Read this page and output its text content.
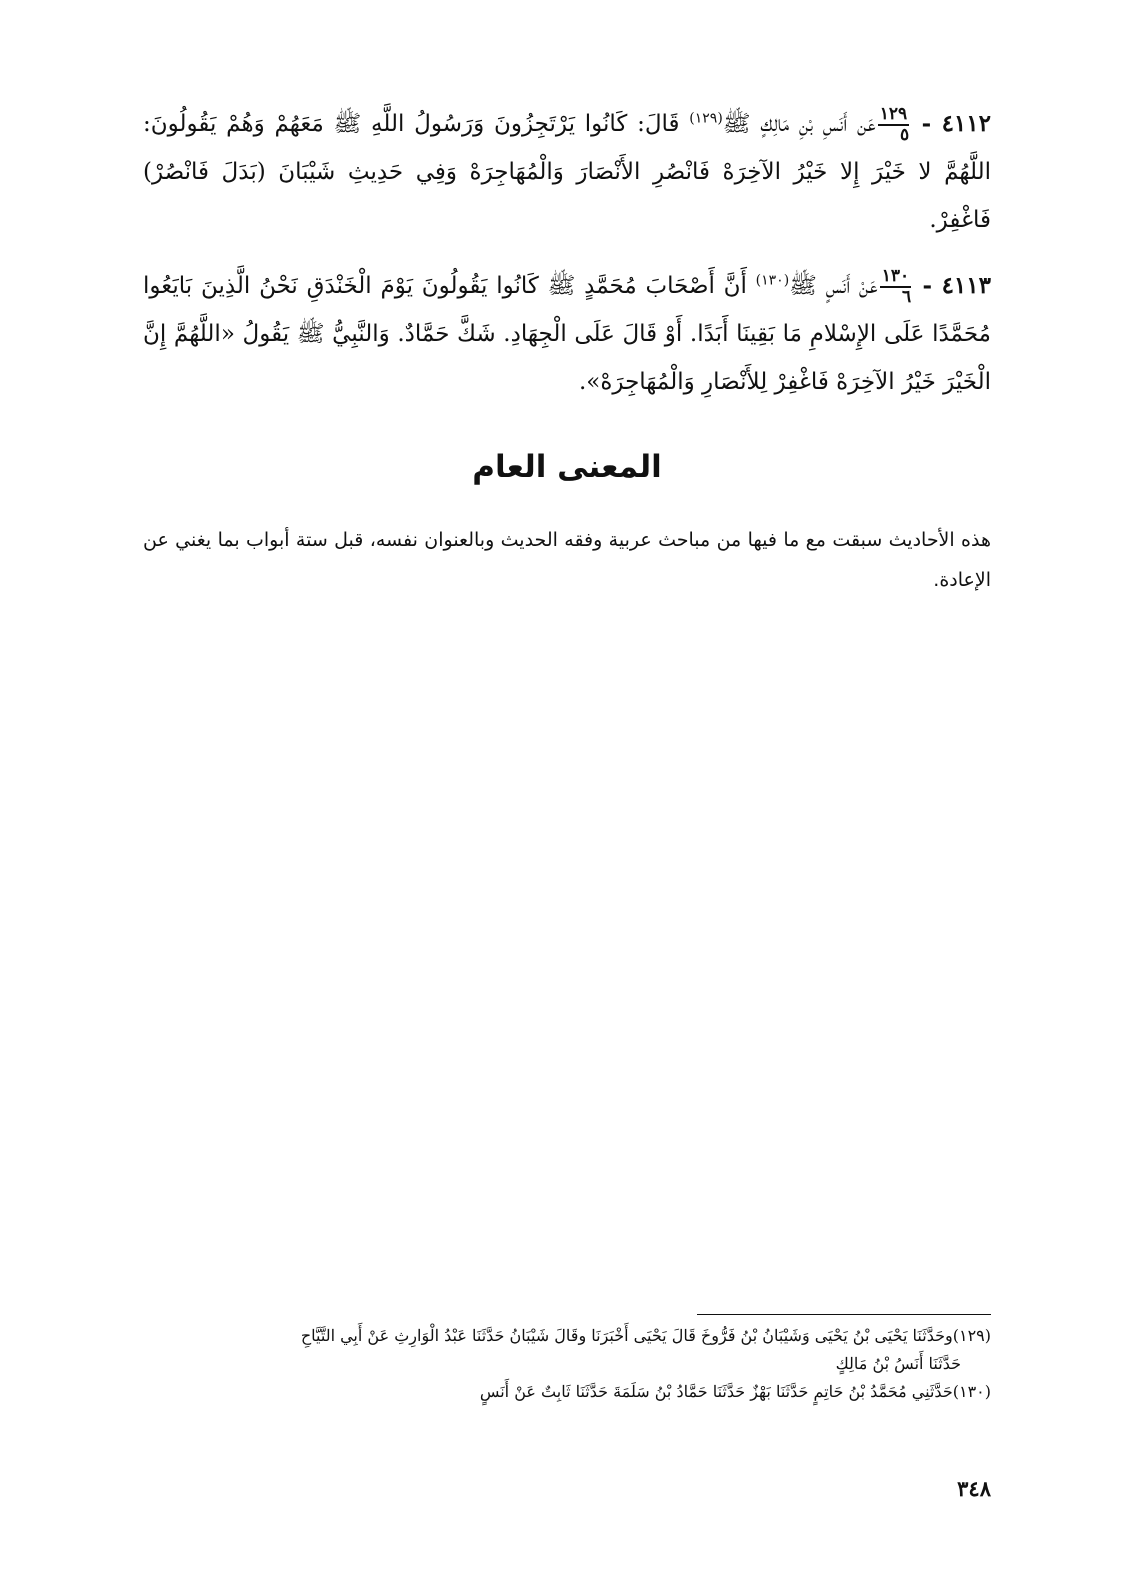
٤١١٢ -
١٢٩
٥
عَن أَنَسِ بْنِ مَالِكٍ ﷺ$^{(١٢٩)}$ قَالَ: كَانُوا يَرْتَجِزُونَ وَرَسُولُ اللَّهِ ﷺ مَعَهُمْ وَهُمْ يَقُولُونَ: اللَّهُمَّ لا خَيْرَ إِلا خَيْرُ الآخِرَهْ فَانْصُرِ الأَنْصَارَ وَالْمُهَاجِرَهْ وَفِي حَدِيثِ شَيْبَانَ (بَدَلَ فَانْصُرْ) فَاغْفِرْ.
٤١١٣ -
١٣٠
٦
عَنْ أَنَسٍ ﷺ$^{(١٣٠)}$ أَنَّ أَصْحَابَ مُحَمَّدٍ ﷺ كَانُوا يَقُولُونَ يَوْمَ الْخَنْدَقِ نَحْنُ الَّذِينَ بَايَعُوا مُحَمَّدًا عَلَى الإِسْلامِ مَا بَقِينَا أَبَدًا. أَوْ قَالَ عَلَى الْجِهَادِ. شَكَّ حَمَّادٌ. وَالنَّبِيُّ ﷺ يَقُولُ «اللَّهُمَّ إِنَّ الْخَيْرَ خَيْرُ الآخِرَهْ فَاغْفِرْ لِلأَنْصَارِ وَالْمُهَاجِرَهْ».
المعنى العام
هذه الأحاديث سبقت مع ما فيها من مباحث عربية وفقه الحديث وبالعنوان نفسه، قبل ستة أبواب بما يغني عن الإعادة.

(١٢٩)وحَدَّثَنَا يَحْيَى بْنُ يَحْيَى وَشَيْبَانُ بْنُ فَرُّوخَ قَالَ يَحْيَى أَخْبَرَنَا وقَالَ شَيْبَانُ حَدَّثَنَا عَبْدُ الْوَارِثِ عَنْ أَبِي التَّيَّاحِ

حَدَّثَنَا أَنَسُ بْنُ مَالِكٍ

(١٣٠)حَدَّثَنِي مُحَمَّدُ بْنُ حَاتِمٍ حَدَّثَنَا بَهْزٌ حَدَّثَنَا حَمَّادُ بْنُ سَلَمَةَ حَدَّثَنَا ثَابِتٌ عَنْ أَنَسٍ

٣٤٨
